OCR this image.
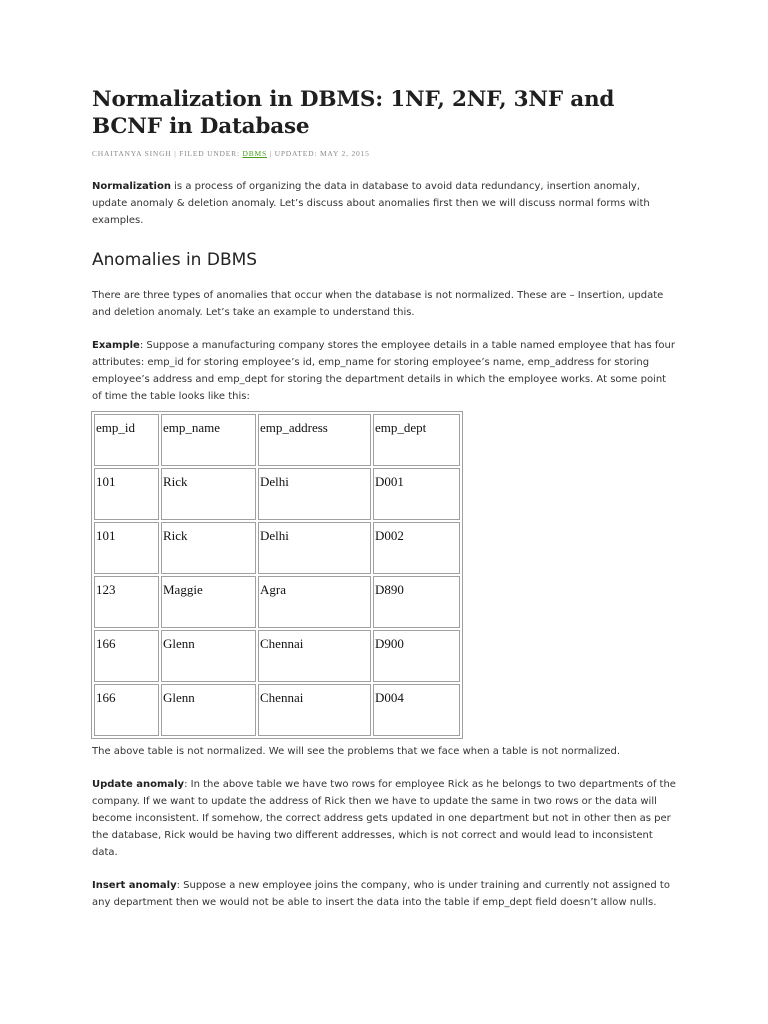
Normalization in DBMS: 1NF, 2NF, 3NF and BCNF in Database
CHAITANYA SINGH | FILED UNDER: DBMS | UPDATED: MAY 2, 2015

Normalization is a process of organizing the data in database to avoid data redundancy, insertion anomaly, update anomaly & deletion anomaly. Let’s discuss about anomalies first then we will discuss normal forms with examples.

Anomalies in DBMS

There are three types of anomalies that occur when the database is not normalized. These are – Insertion, update and deletion anomaly. Let’s take an example to understand this.

Example: Suppose a manufacturing company stores the employee details in a table named employee that has four attributes: emp_id for storing employee’s id, emp_name for storing employee’s name, emp_address for storing employee’s address and emp_dept for storing the department details in which the employee works. At some point of time the table looks like this:

emp_id	emp_name	emp_address	emp_dept
101	Rick	Delhi	D001
101	Rick	Delhi	D002
123	Maggie	Agra	D890
166	Glenn	Chennai	D900
166	Glenn	Chennai	D004

The above table is not normalized. We will see the problems that we face when a table is not normalized.

Update anomaly: In the above table we have two rows for employee Rick as he belongs to two departments of the company. If we want to update the address of Rick then we have to update the same in two rows or the data will become inconsistent. If somehow, the correct address gets updated in one department but not in other then as per the database, Rick would be having two different addresses, which is not correct and would lead to inconsistent data.

Insert anomaly: Suppose a new employee joins the company, who is under training and currently not assigned to any department then we would not be able to insert the data into the table if emp_dept field doesn’t allow nulls.
